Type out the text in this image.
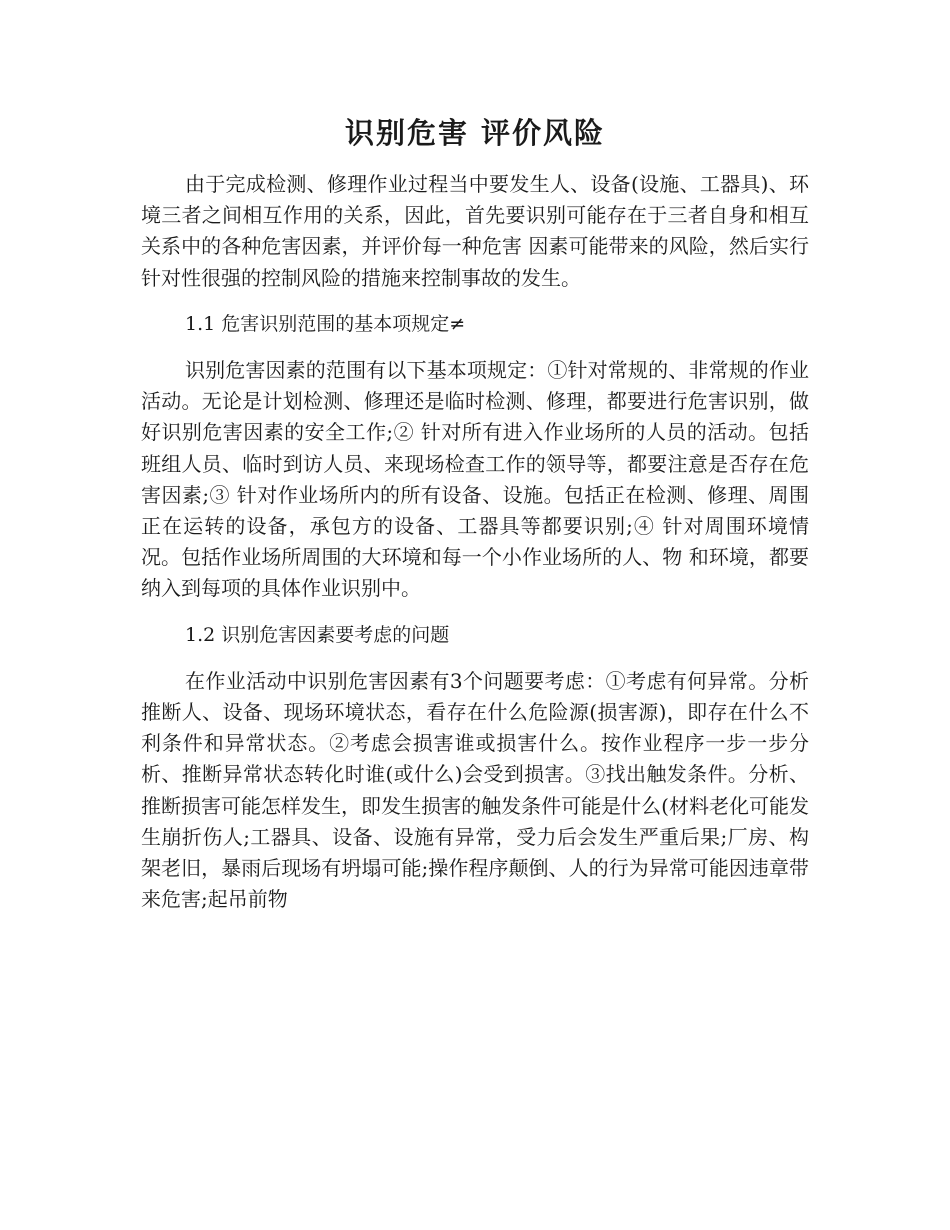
识别危害 评价风险

由于完成检测、修理作业过程当中要发生人、设备(设施、工器具)、环境三者之间相互作用的关系，因此，首先要识别可能存在于三者自身和相互关系中的各种危害因素，并评价每一种危害 因素可能带来的风险，然后实行针对性很强的控制风险的措施来控制事故的发生。

1.1 危害识别范围的基本项规定≠

识别危害因素的范围有以下基本项规定：①针对常规的、非常规的作业活动。无论是计划检测、修理还是临时检测、修理，都要进行危害识别，做好识别危害因素的安全工作;② 针对所有进入作业场所的人员的活动。包括班组人员、临时到访人员、来现场检查工作的领导等，都要注意是否存在危害因素;③ 针对作业场所内的所有设备、设施。包括正在检测、修理、周围正在运转的设备，承包方的设备、工器具等都要识别;④ 针对周围环境情况。包括作业场所周围的大环境和每一个小作业场所的人、物 和环境，都要纳入到每项的具体作业识别中。

1.2 识别危害因素要考虑的问题

在作业活动中识别危害因素有3个问题要考虑：①考虑有何异常。分析推断人、设备、现场环境状态，看存在什么危险源(损害源)，即存在什么不利条件和异常状态。②考虑会损害谁或损害什么。按作业程序一步一步分析、推断异常状态转化时谁(或什么)会受到损害。③找出触发条件。分析、推断损害可能怎样发生，即发生损害的触发条件可能是什么(材料老化可能发生崩折伤人;工器具、设备、设施有异常，受力后会发生严重后果;厂房、构架老旧，暴雨后现场有坍塌可能;操作程序颠倒、人的行为异常可能因违章带来危害;起吊前物
